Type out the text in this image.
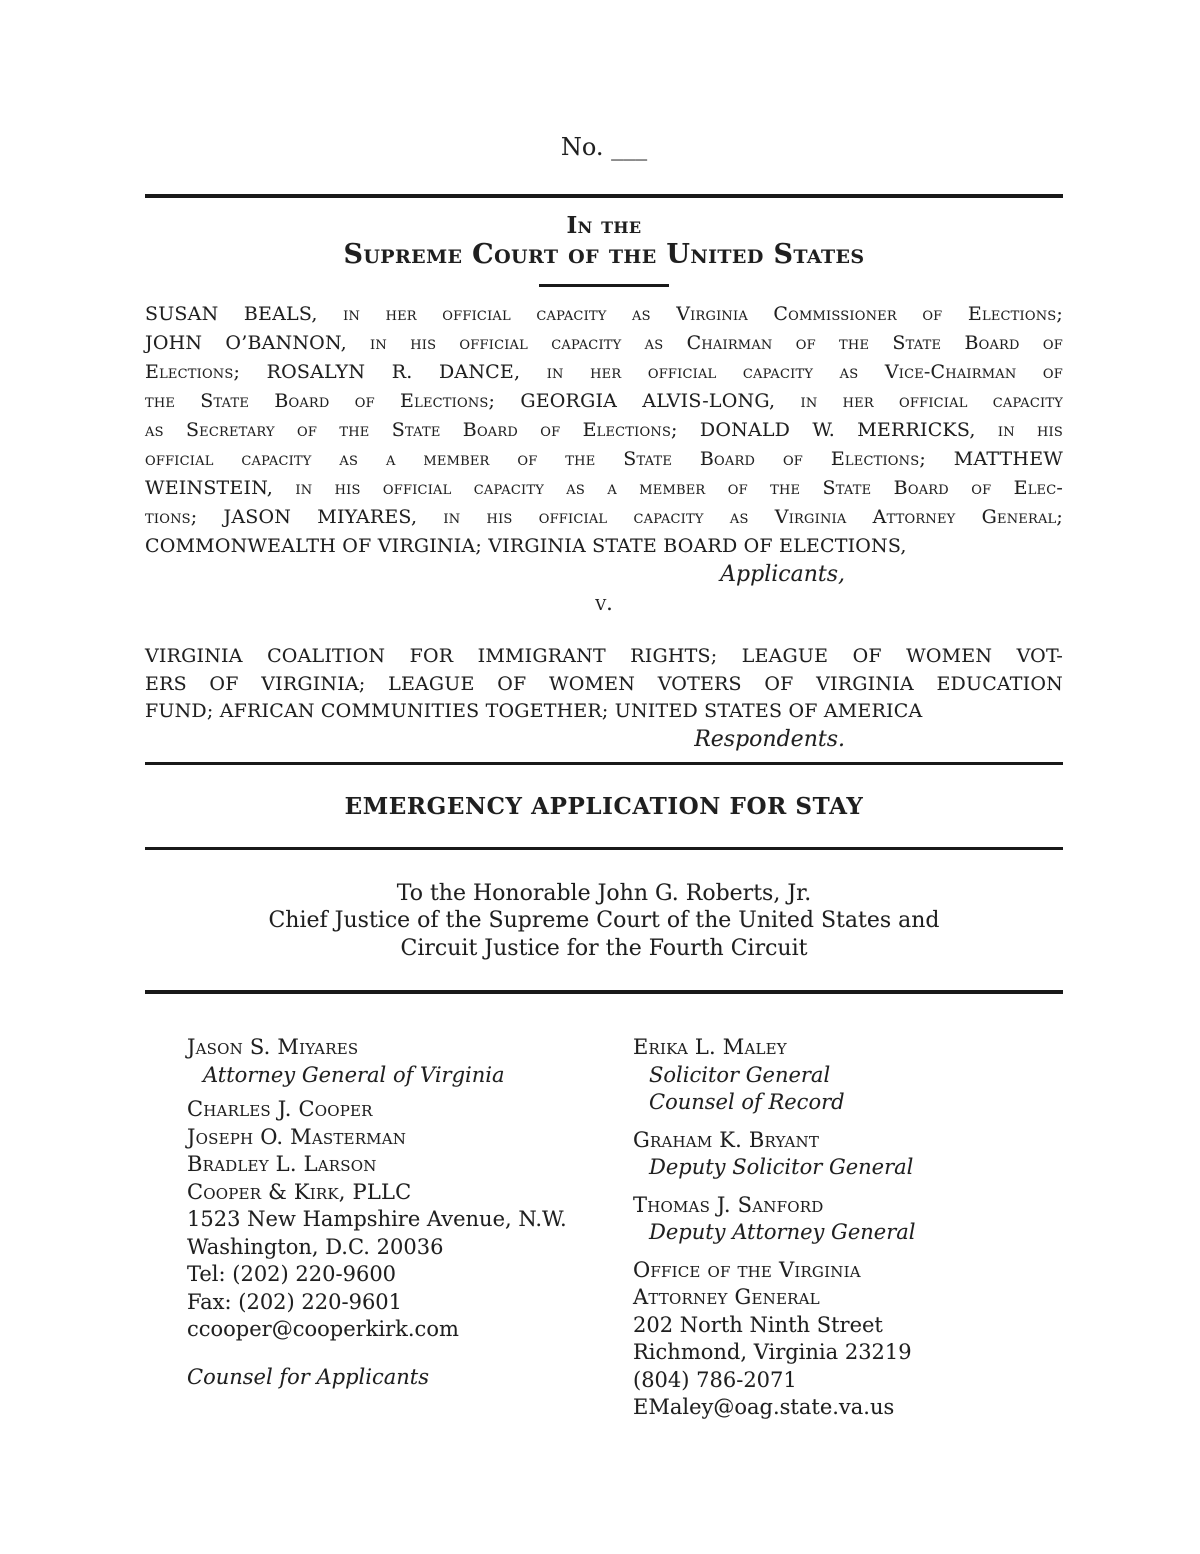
No. ___
In the
Supreme Court of the United States
SUSAN BEALS, in her official capacity as Virginia Commissioner of Elections;
JOHN O’BANNON, in his official capacity as Chairman of the State Board of
Elections; ROSALYN R. DANCE, in her official capacity as Vice-Chairman of
the State Board of Elections; GEORGIA ALVIS-LONG, in her official capacity
as Secretary of the State Board of Elections; DONALD W. MERRICKS, in his
official capacity as a member of the State Board of Elections; MATTHEW
WEINSTEIN, in his official capacity as a member of the State Board of Elec-
tions; JASON MIYARES, in his official capacity as Virginia Attorney General;
COMMONWEALTH OF VIRGINIA; VIRGINIA STATE BOARD OF ELECTIONS,
Applicants,
v.
VIRGINIA COALITION FOR IMMIGRANT RIGHTS; LEAGUE OF WOMEN VOT-
ERS OF VIRGINIA; LEAGUE OF WOMEN VOTERS OF VIRGINIA EDUCATION
FUND; AFRICAN COMMUNITIES TOGETHER; UNITED STATES OF AMERICA
Respondents.
EMERGENCY APPLICATION FOR STAY
To the Honorable John G. Roberts, Jr.
Chief Justice of the Supreme Court of the United States and
Circuit Justice for the Fourth Circuit
Jason S. Miyares
Attorney General of Virginia
Charles J. Cooper
Joseph O. Masterman
Bradley L. Larson
Cooper & Kirk, PLLC
1523 New Hampshire Avenue, N.W.
Washington, D.C. 20036
Tel: (202) 220-9600
Fax: (202) 220-9601
ccooper@cooperkirk.com
Counsel for Applicants
Erika L. Maley
Solicitor General
Counsel of Record
Graham K. Bryant
Deputy Solicitor General
Thomas J. Sanford
Deputy Attorney General
Office of the Virginia
Attorney General
202 North Ninth Street
Richmond, Virginia 23219
(804) 786-2071
EMaley@oag.state.va.us
